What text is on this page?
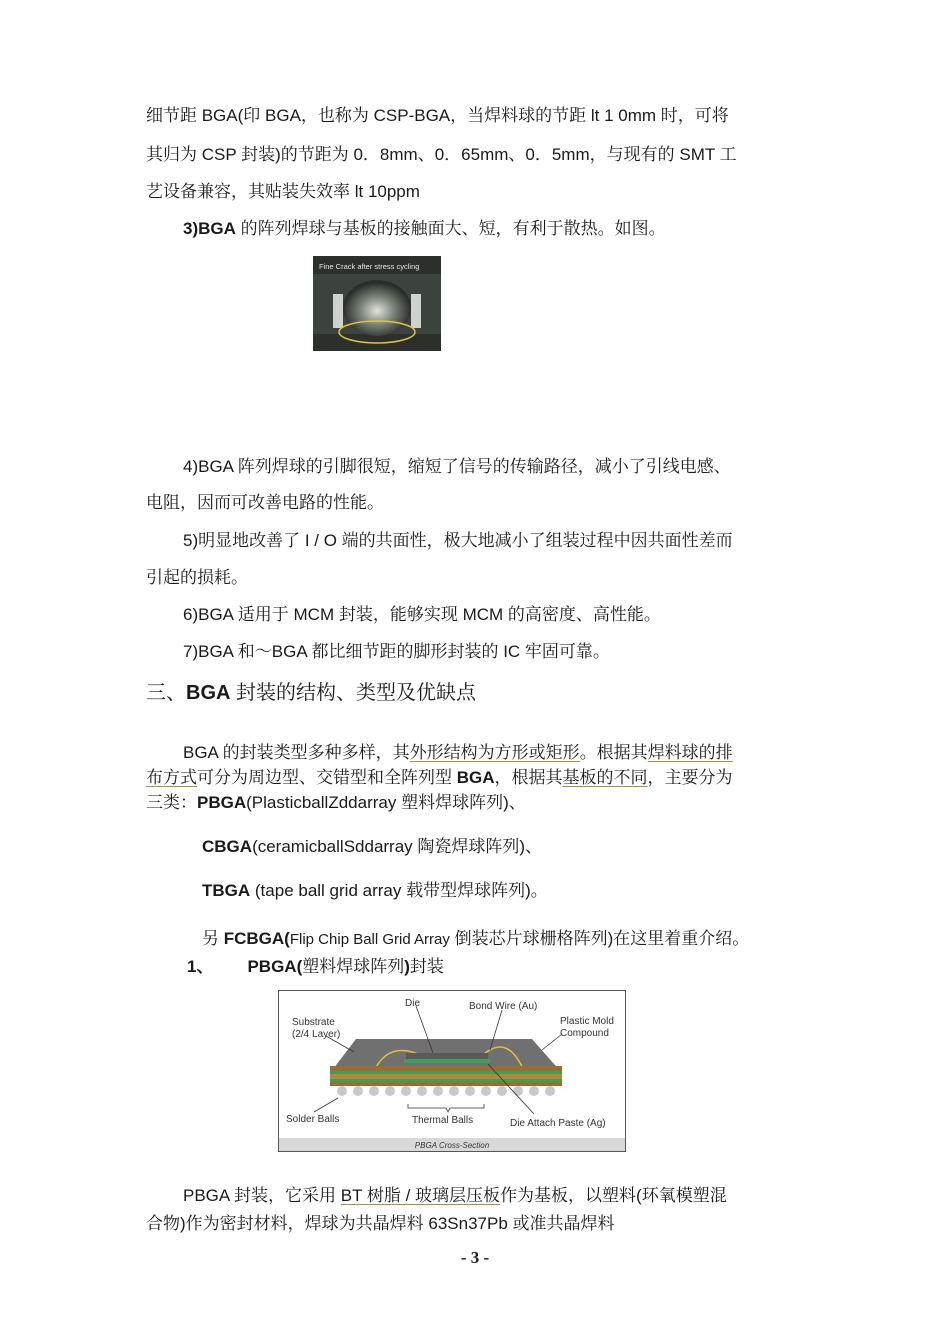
细节距 BGA(印 BGA，也称为 CSP-BGA，当焊料球的节距 lt 1 0mm 时，可将
其归为 CSP 封装)的节距为 0．8mm、0．65mm、0．5mm，与现有的 SMT 工
艺设备兼容，其贴装失效率 lt 10ppm
3)BGA 的阵列焊球与基板的接触面大、短，有利于散热。如图。
Fine Crack after stress cycling
4)BGA 阵列焊球的引脚很短，缩短了信号的传输路径，减小了引线电感、
电阻，因而可改善电路的性能。
5)明显地改善了 I / O 端的共面性，极大地减小了组装过程中因共面性差而
引起的损耗。
6)BGA 适用于 MCM 封装，能够实现 MCM 的高密度、高性能。
7)BGA 和～BGA 都比细节距的脚形封装的 IC 牢固可靠。
三、BGA 封装的结构、类型及优缺点
BGA 的封装类型多种多样，其外形结构为方形或矩形。根据其焊料球的排
布方式可分为周边型、交错型和全阵列型 BGA，根据其基板的不同，主要分为
三类：PBGA(PlasticballZddarray 塑料焊球阵列)、
CBGA(ceramicballSddarray 陶瓷焊球阵列)、
TBGA (tape ball grid array 载带型焊球阵列)。
另 FCBGA(Flip Chip Ball Grid Array 倒装芯片球栅格阵列)在这里着重介绍。
1、 PBGA(塑料焊球阵列)封装
Die	Bond Wire (Au)
Substrate
(2/4 Layer)
Plastic Mold
Compound
Solder Balls	Thermal Balls	Die Attach Paste (Ag)
PBGA Cross-Section
PBGA 封装，它采用 BT 树脂 / 玻璃层压板作为基板，以塑料(环氧模塑混
合物)作为密封材料，焊球为共晶焊料 63Sn37Pb 或准共晶焊料
- 3 -
